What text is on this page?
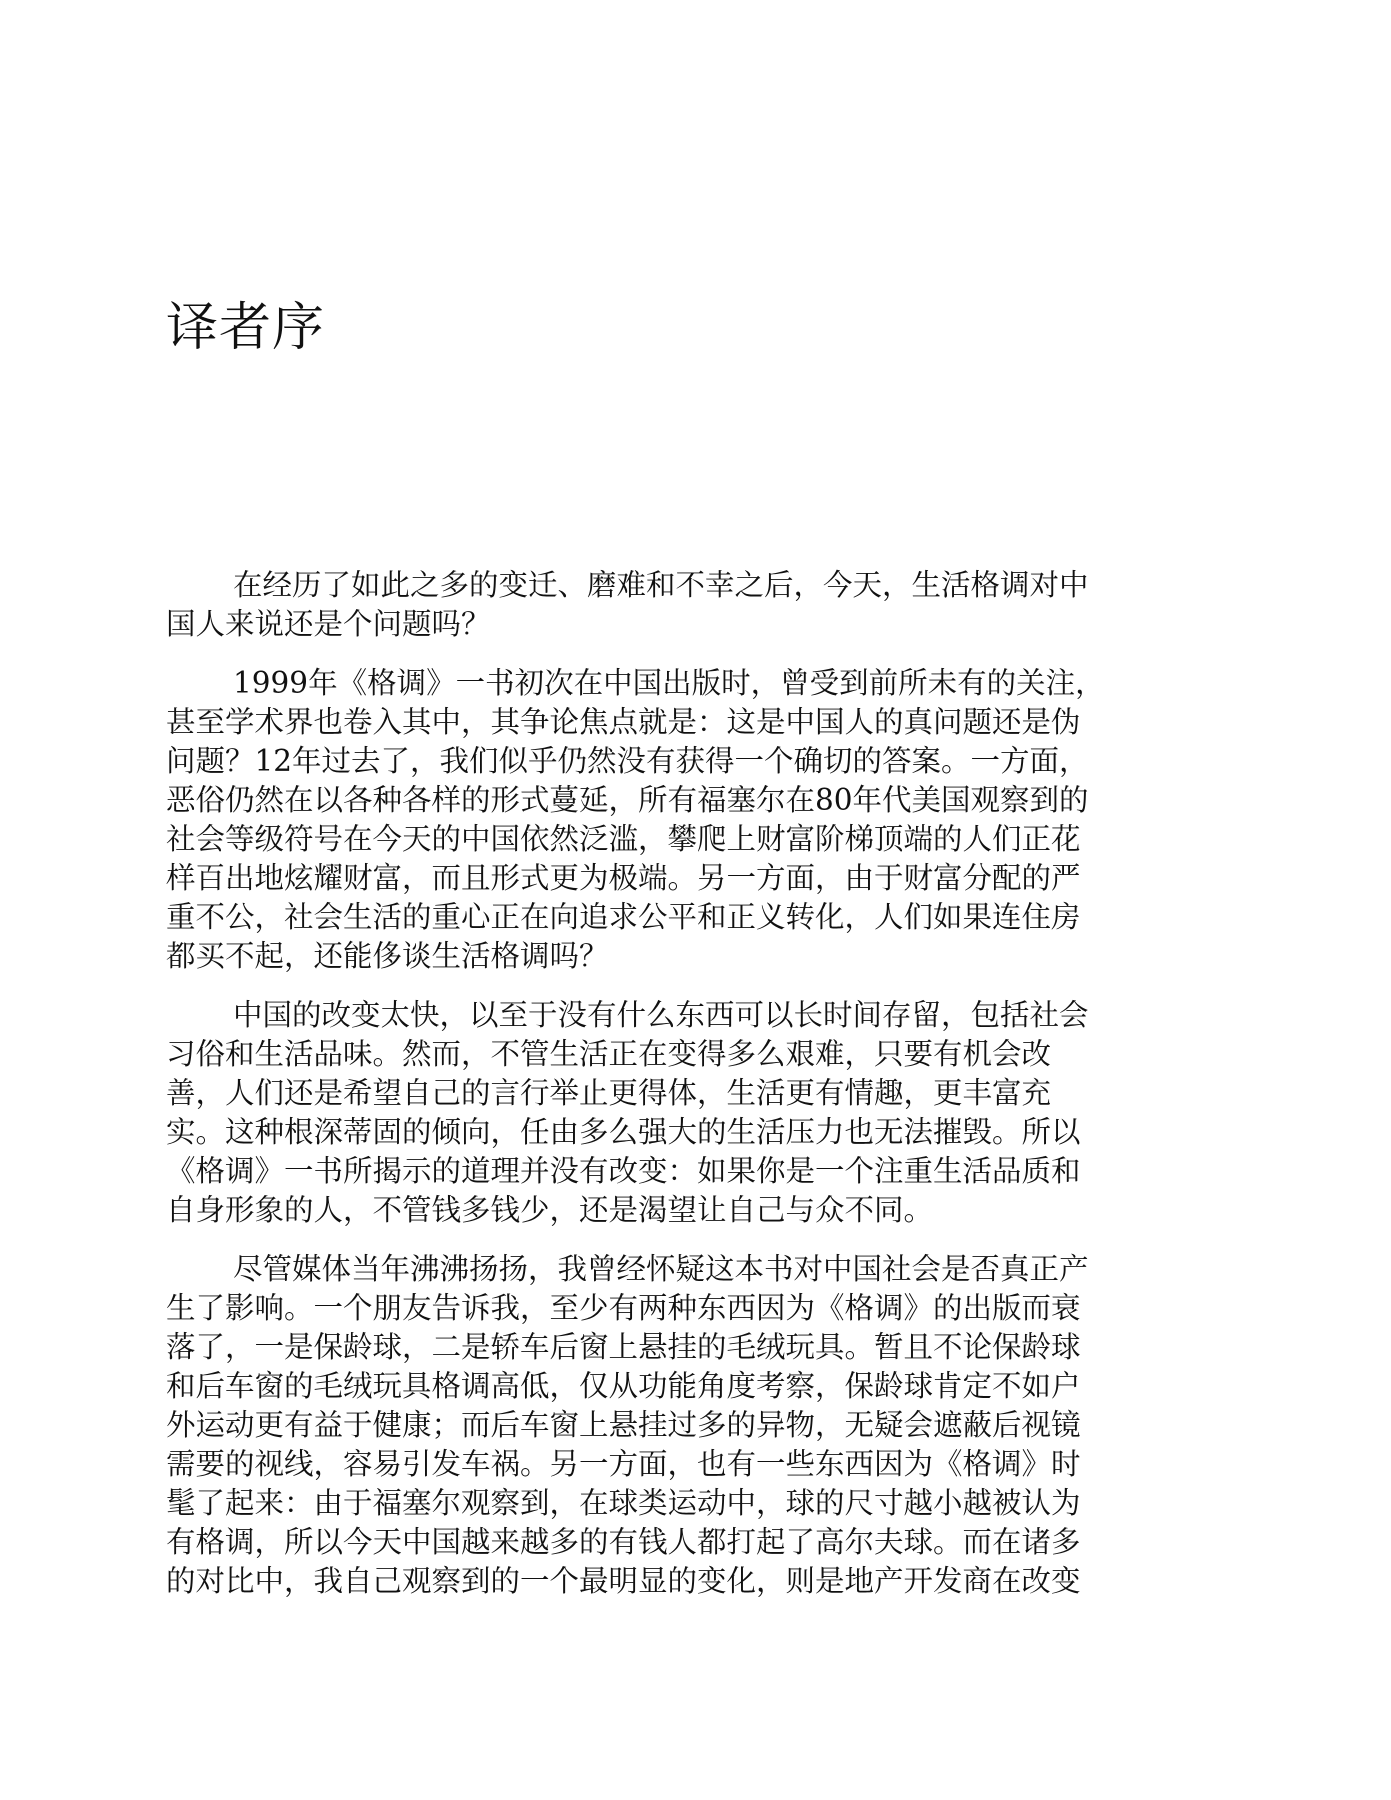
译者序

在经历了如此之多的变迁、磨难和不幸之后，今天，生活格调对中
国人来说还是个问题吗？

1999年《格调》一书初次在中国出版时，曾受到前所未有的关注，
甚至学术界也卷入其中，其争论焦点就是：这是中国人的真问题还是伪
问题？12年过去了，我们似乎仍然没有获得一个确切的答案。一方面，
恶俗仍然在以各种各样的形式蔓延，所有福塞尔在80年代美国观察到的
社会等级符号在今天的中国依然泛滥，攀爬上财富阶梯顶端的人们正花
样百出地炫耀财富，而且形式更为极端。另一方面，由于财富分配的严
重不公，社会生活的重心正在向追求公平和正义转化，人们如果连住房
都买不起，还能侈谈生活格调吗？

中国的改变太快，以至于没有什么东西可以长时间存留，包括社会
习俗和生活品味。然而，不管生活正在变得多么艰难，只要有机会改
善，人们还是希望自己的言行举止更得体，生活更有情趣，更丰富充
实。这种根深蒂固的倾向，任由多么强大的生活压力也无法摧毁。所以
《格调》一书所揭示的道理并没有改变：如果你是一个注重生活品质和
自身形象的人，不管钱多钱少，还是渴望让自己与众不同。

尽管媒体当年沸沸扬扬，我曾经怀疑这本书对中国社会是否真正产
生了影响。一个朋友告诉我，至少有两种东西因为《格调》的出版而衰
落了，一是保龄球，二是轿车后窗上悬挂的毛绒玩具。暂且不论保龄球
和后车窗的毛绒玩具格调高低，仅从功能角度考察，保龄球肯定不如户
外运动更有益于健康；而后车窗上悬挂过多的异物，无疑会遮蔽后视镜
需要的视线，容易引发车祸。另一方面，也有一些东西因为《格调》时
髦了起来：由于福塞尔观察到，在球类运动中，球的尺寸越小越被认为
有格调，所以今天中国越来越多的有钱人都打起了高尔夫球。而在诸多
的对比中，我自己观察到的一个最明显的变化，则是地产开发商在改变
